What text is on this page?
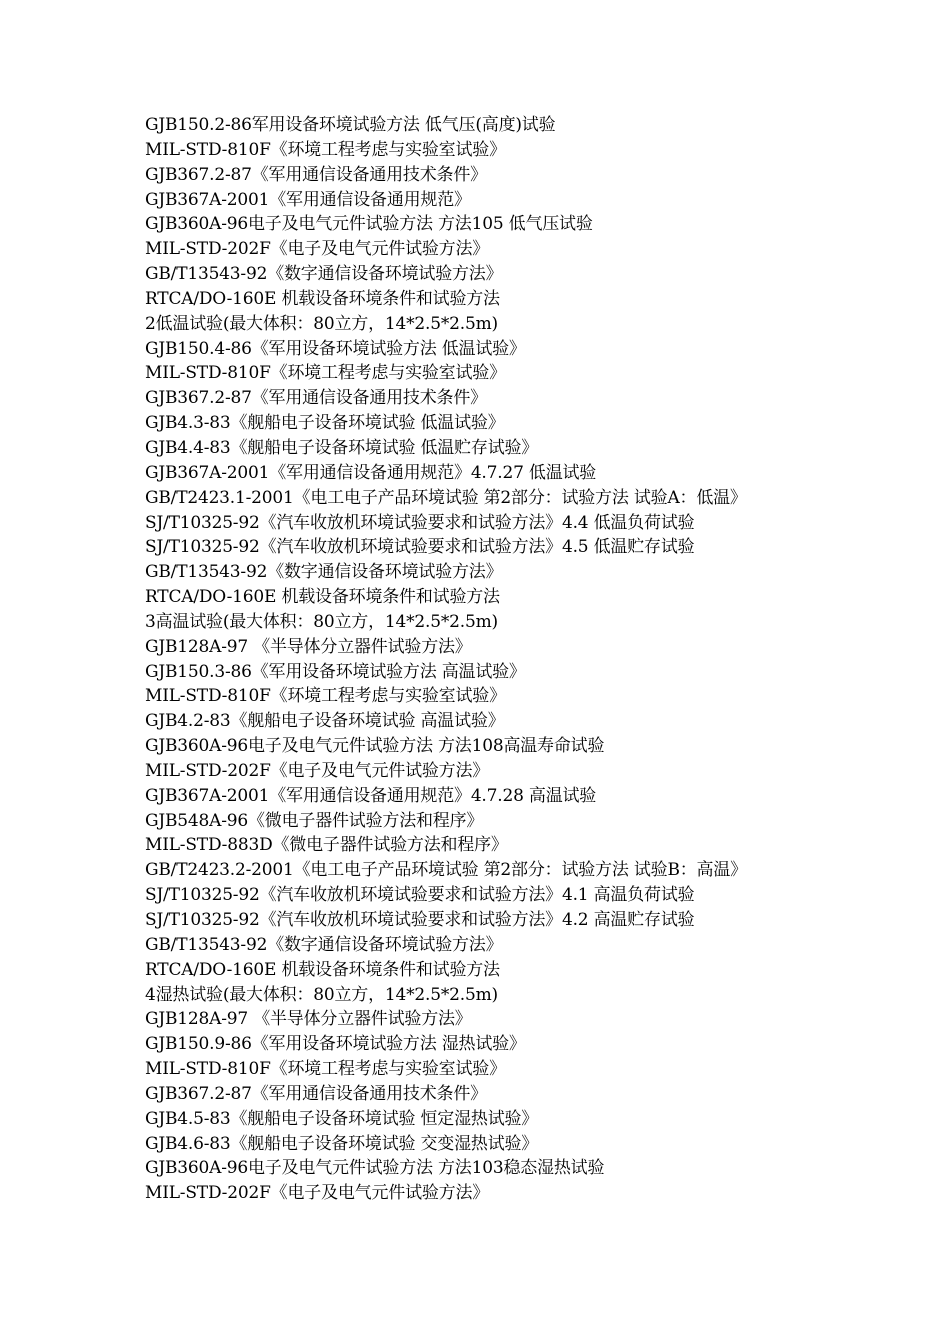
GJB150.2-86军用设备环境试验方法 低气压(高度)试验
MIL-STD-810F《环境工程考虑与实验室试验》
GJB367.2-87《军用通信设备通用技术条件》
GJB367A-2001《军用通信设备通用规范》
GJB360A-96电子及电气元件试验方法 方法105 低气压试验
MIL-STD-202F《电子及电气元件试验方法》
GB/T13543-92《数字通信设备环境试验方法》
RTCA/DO-160E 机载设备环境条件和试验方法
2低温试验(最大体积：80立方，14*2.5*2.5m)
GJB150.4-86《军用设备环境试验方法 低温试验》
MIL-STD-810F《环境工程考虑与实验室试验》
GJB367.2-87《军用通信设备通用技术条件》
GJB4.3-83《舰船电子设备环境试验 低温试验》
GJB4.4-83《舰船电子设备环境试验 低温贮存试验》
GJB367A-2001《军用通信设备通用规范》4.7.27 低温试验
GB/T2423.1-2001《电工电子产品环境试验 第2部分：试验方法 试验A：低温》
SJ/T10325-92《汽车收放机环境试验要求和试验方法》4.4 低温负荷试验
SJ/T10325-92《汽车收放机环境试验要求和试验方法》4.5 低温贮存试验
GB/T13543-92《数字通信设备环境试验方法》
RTCA/DO-160E 机载设备环境条件和试验方法
3高温试验(最大体积：80立方，14*2.5*2.5m)
GJB128A-97 《半导体分立器件试验方法》
GJB150.3-86《军用设备环境试验方法 高温试验》
MIL-STD-810F《环境工程考虑与实验室试验》
GJB4.2-83《舰船电子设备环境试验 高温试验》
GJB360A-96电子及电气元件试验方法 方法108高温寿命试验
MIL-STD-202F《电子及电气元件试验方法》
GJB367A-2001《军用通信设备通用规范》4.7.28 高温试验
GJB548A-96《微电子器件试验方法和程序》
MIL-STD-883D《微电子器件试验方法和程序》
GB/T2423.2-2001《电工电子产品环境试验 第2部分：试验方法 试验B：高温》
SJ/T10325-92《汽车收放机环境试验要求和试验方法》4.1 高温负荷试验
SJ/T10325-92《汽车收放机环境试验要求和试验方法》4.2 高温贮存试验
GB/T13543-92《数字通信设备环境试验方法》
RTCA/DO-160E 机载设备环境条件和试验方法
4湿热试验(最大体积：80立方，14*2.5*2.5m)
GJB128A-97 《半导体分立器件试验方法》
GJB150.9-86《军用设备环境试验方法 湿热试验》
MIL-STD-810F《环境工程考虑与实验室试验》
GJB367.2-87《军用通信设备通用技术条件》
GJB4.5-83《舰船电子设备环境试验 恒定湿热试验》
GJB4.6-83《舰船电子设备环境试验 交变湿热试验》
GJB360A-96电子及电气元件试验方法 方法103稳态湿热试验
MIL-STD-202F《电子及电气元件试验方法》
